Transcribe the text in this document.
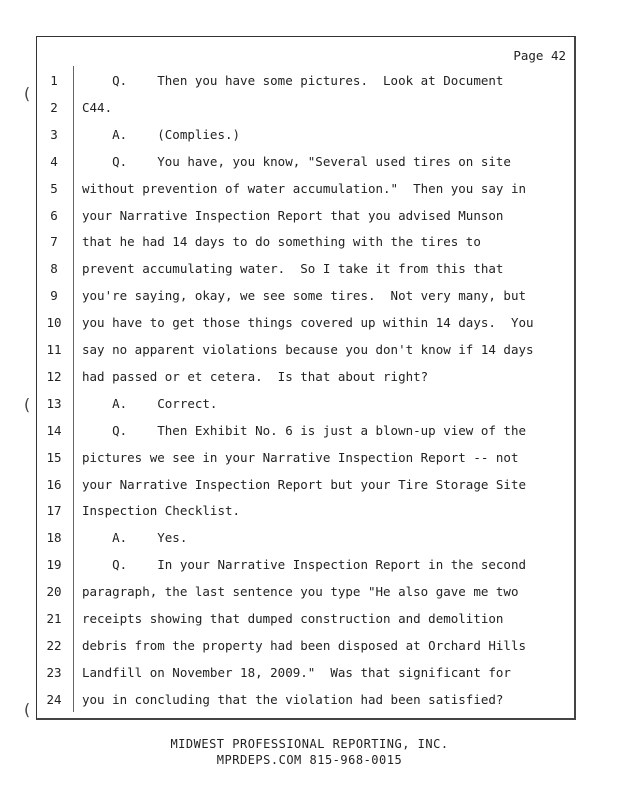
Page 42
(
(
(
1	Q.    Then you have some pictures.  Look at Document
2	C44.
3	A.    (Complies.)
4	Q.    You have, you know, "Several used tires on site
5	without prevention of water accumulation."  Then you say in
6	your Narrative Inspection Report that you advised Munson
7	that he had 14 days to do something with the tires to
8	prevent accumulating water.  So I take it from this that
9	you're saying, okay, we see some tires.  Not very many, but
10 you have to get those things covered up within 14 days.  You
11 say no apparent violations because you don't know if 14 days
12 had passed or et cetera.  Is that about right?
13 A.    Correct.
14 Q.    Then Exhibit No. 6 is just a blown-up view of the
15 pictures we see in your Narrative Inspection Report -- not
16 your Narrative Inspection Report but your Tire Storage Site
17 Inspection Checklist.
18 A.    Yes.
19 Q.    In your Narrative Inspection Report in the second
20 paragraph, the last sentence you type "He also gave me two
21 receipts showing that dumped construction and demolition
22 debris from the property had been disposed at Orchard Hills
23 Landfill on November 18, 2009."  Was that significant for
24 you in concluding that the violation had been satisfied?
MIDWEST PROFESSIONAL REPORTING, INC.
MPRDEPS.COM 815-968-0015
